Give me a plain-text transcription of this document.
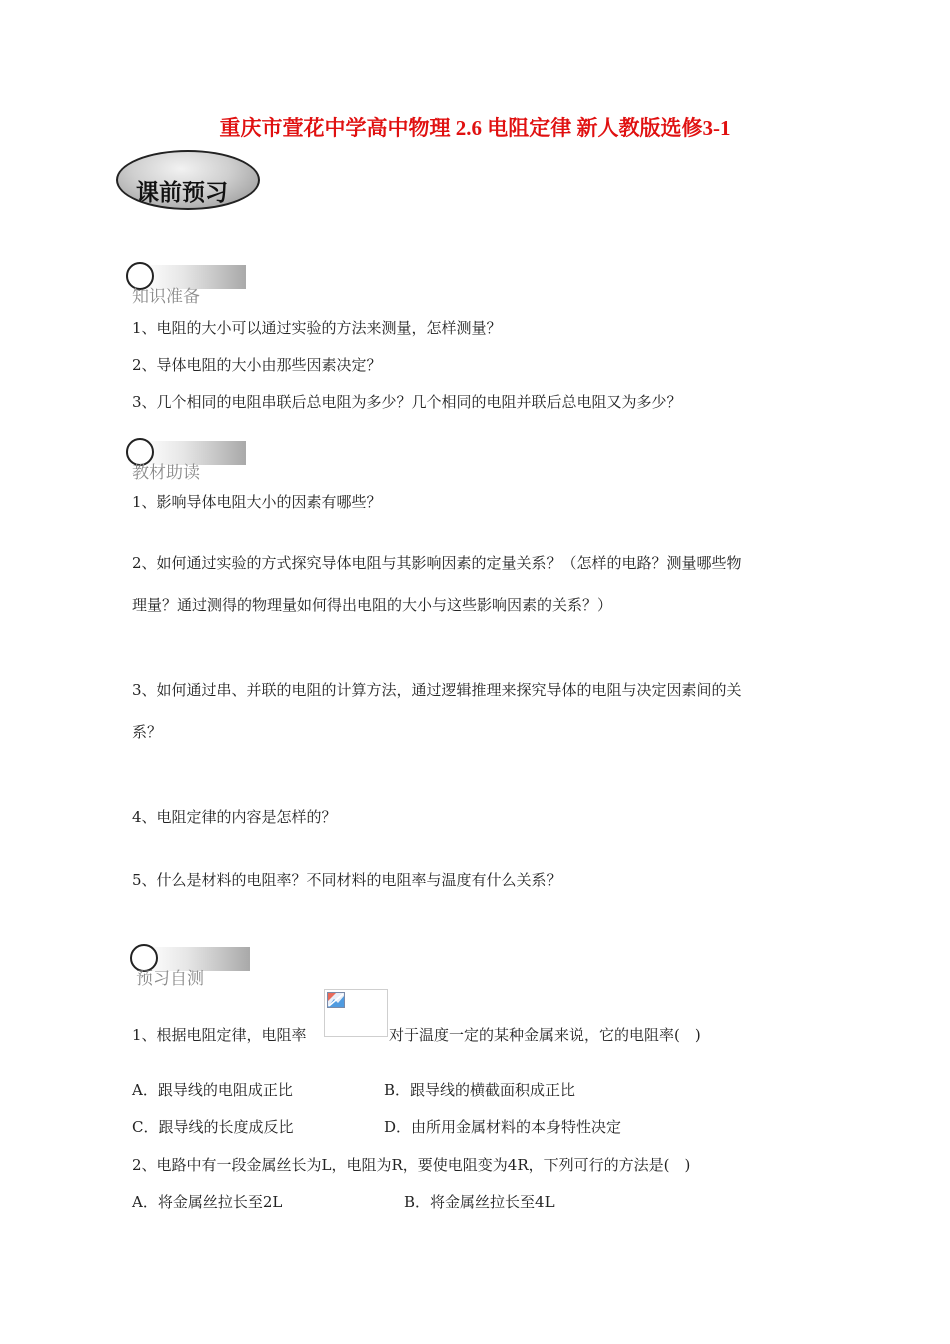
重庆市萱花中学高中物理 2.6 电阻定律 新人教版选修3-1
课前预习
知识准备
1、电阻的大小可以通过实验的方法来测量，怎样测量？
2、导体电阻的大小由那些因素决定？
3、几个相同的电阻串联后总电阻为多少？几个相同的电阻并联后总电阻又为多少？
教材助读
1、影响导体电阻大小的因素有哪些？
2、如何通过实验的方式探究导体电阻与其影响因素的定量关系？（怎样的电路？测量哪些物
理量？通过测得的物理量如何得出电阻的大小与这些影响因素的关系？）
3、如何通过串、并联的电阻的计算方法，通过逻辑推理来探究导体的电阻与决定因素间的关
系？
4、电阻定律的内容是怎样的？
5、什么是材料的电阻率？不同材料的电阻率与温度有什么关系？
预习自测
1、根据电阻定律，电阻率	对于温度一定的某种金属来说，它的电阻率(　)
A．跟导线的电阻成正比	B．跟导线的横截面积成正比
C．跟导线的长度成反比	D．由所用金属材料的本身特性决定
2、电路中有一段金属丝长为L，电阻为R，要使电阻变为4R，下列可行的方法是(　)
A．将金属丝拉长至2L	B．将金属丝拉长至4L
